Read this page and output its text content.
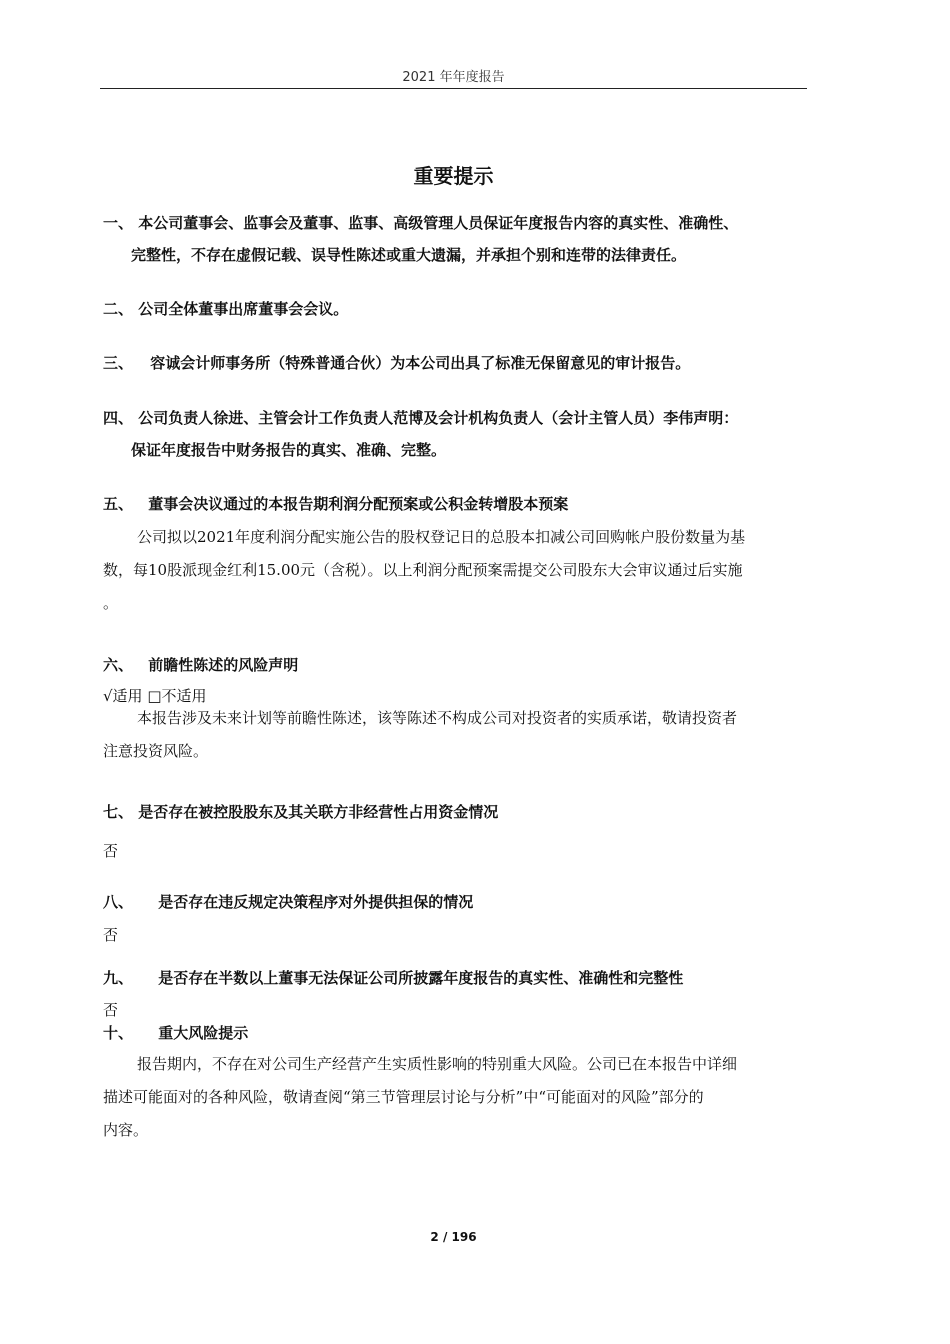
2021 年年度报告
重要提示
一、 本公司董事会、监事会及董事、监事、高级管理人员保证年度报告内容的真实性、准确性、
完整性，不存在虚假记载、误导性陈述或重大遗漏，并承担个别和连带的法律责任。
二、 公司全体董事出席董事会会议。
三、 容诚会计师事务所（特殊普通合伙）为本公司出具了标准无保留意见的审计报告。
四、 公司负责人徐进、主管会计工作负责人范博及会计机构负责人（会计主管人员）李伟声明：
保证年度报告中财务报告的真实、准确、完整。
五、 董事会决议通过的本报告期利润分配预案或公积金转增股本预案
公司拟以2021年度利润分配实施公告的股权登记日的总股本扣减公司回购帐户股份数量为基
数，每10股派现金红利15.00元（含税）。以上利润分配预案需提交公司股东大会审议通过后实施
。
六、 前瞻性陈述的风险声明
√适用 □不适用
本报告涉及未来计划等前瞻性陈述，该等陈述不构成公司对投资者的实质承诺，敬请投资者
注意投资风险。
七、 是否存在被控股股东及其关联方非经营性占用资金情况
否
八、 是否存在违反规定决策程序对外提供担保的情况
否
九、 是否存在半数以上董事无法保证公司所披露年度报告的真实性、准确性和完整性
否
十、 重大风险提示
报告期内，不存在对公司生产经营产生实质性影响的特别重大风险。公司已在本报告中详细
描述可能面对的各种风险，敬请查阅“第三节管理层讨论与分析”中“可能面对的风险”部分的
内容。
2 / 196
